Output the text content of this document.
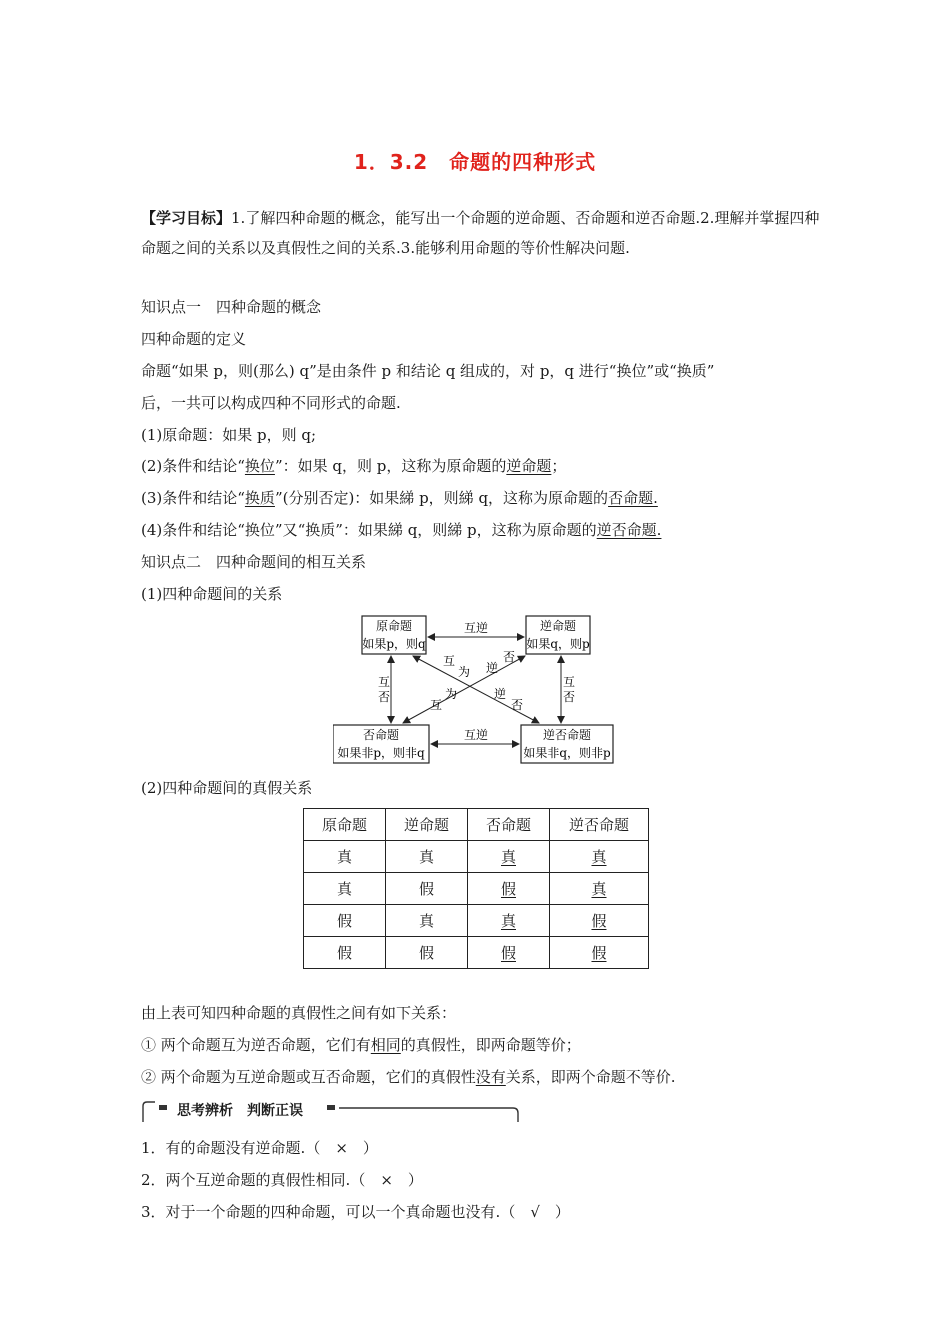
1．3.2　命题的四种形式
【学习目标】1.了解四种命题的概念，能写出一个命题的逆命题、否命题和逆否命题.2.理解并掌握四种命题之间的关系以及真假性之间的关系.3.能够利用命题的等价性解决问题.
知识点一　四种命题的概念
四种命题的定义
命题“如果 p，则(那么) q”是由条件 p 和结论 q 组成的，对 p，q 进行“换位”或“换质”
后，一共可以构成四种不同形式的命题.
(1)原命题：如果 p，则 q;
(2)条件和结论“换位”：如果 q，则 p，这称为原命题的逆命题；
(3)条件和结论“换质”(分别否定)：如果綈 p，则綈 q，这称为原命题的否命题.
(4)条件和结论“换位”又“换质”：如果綈 q，则綈 p，这称为原命题的逆否命题.
知识点二　四种命题间的相互关系
(1)四种命题间的关系
原命题
如果p，则q
逆命题
如果q，则p
否命题
如果非p，则非q
逆否命题
如果非q，则非p
互逆
互逆
互
否
互
否
互
为 逆
否
互
为	逆
否
(2)四种命题间的真假关系
原命题	逆命题	否命题	逆否命题
真	真	真	真
真	假	假	真
假	真	真	假
假	假	假	假
由上表可知四种命题的真假性之间有如下关系：
① 两个命题互为逆否命题，它们有相同的真假性，即两命题等价；
② 两个命题为互逆命题或互否命题，它们的真假性没有关系，即两个命题不等价.
思考辨析　判断正误
1．有的命题没有逆命题.（　×　）
2．两个互逆命题的真假性相同.（　×　）
3．对于一个命题的四种命题，可以一个真命题也没有.（　√　）
